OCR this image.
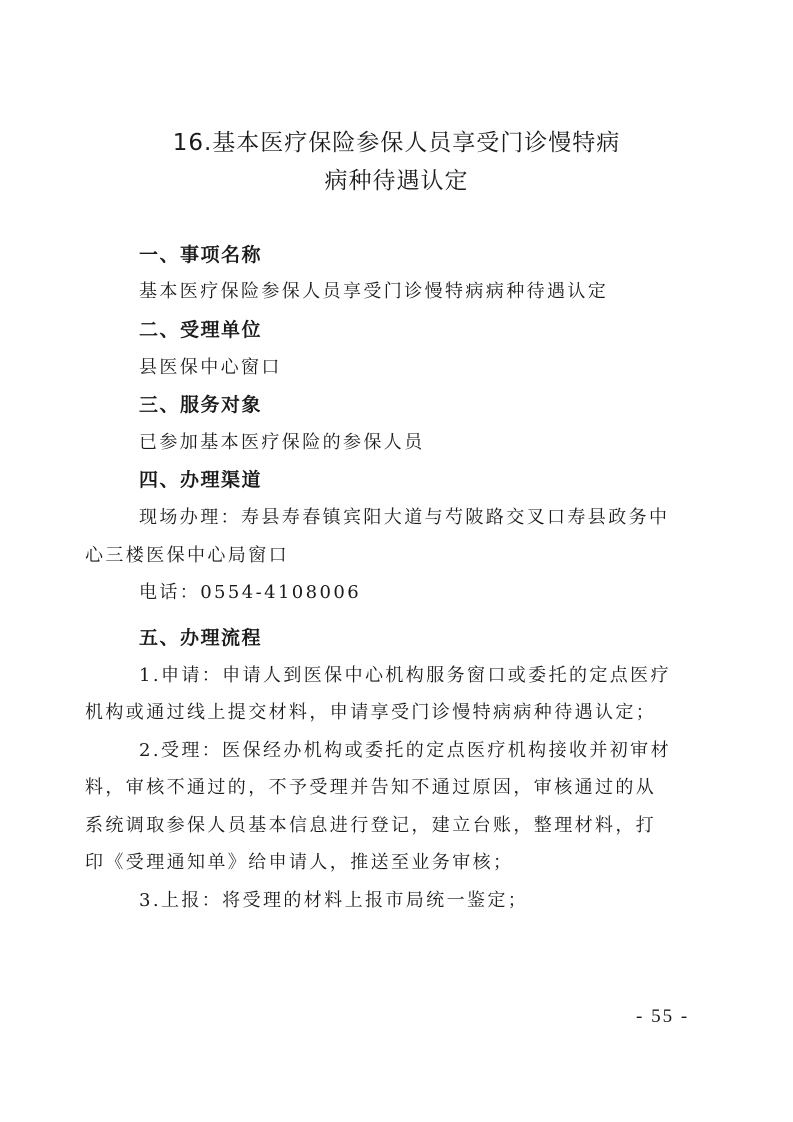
16.基本医疗保险参保人员享受门诊慢特病
病种待遇认定

一、事项名称

基本医疗保险参保人员享受门诊慢特病病种待遇认定

二、受理单位

县医保中心窗口

三、服务对象

已参加基本医疗保险的参保人员

四、办理渠道

现场办理：寿县寿春镇宾阳大道与芍陂路交叉口寿县政务中

心三楼医保中心局窗口

电话：0554-4108006

五、办理流程

1.申请：申请人到医保中心机构服务窗口或委托的定点医疗

机构或通过线上提交材料，申请享受门诊慢特病病种待遇认定；

2.受理：医保经办机构或委托的定点医疗机构接收并初审材

料，审核不通过的，不予受理并告知不通过原因，审核通过的从

系统调取参保人员基本信息进行登记，建立台账，整理材料，打

印《受理通知单》给申请人，推送至业务审核；

3.上报：将受理的材料上报市局统一鉴定；

- 55 -
